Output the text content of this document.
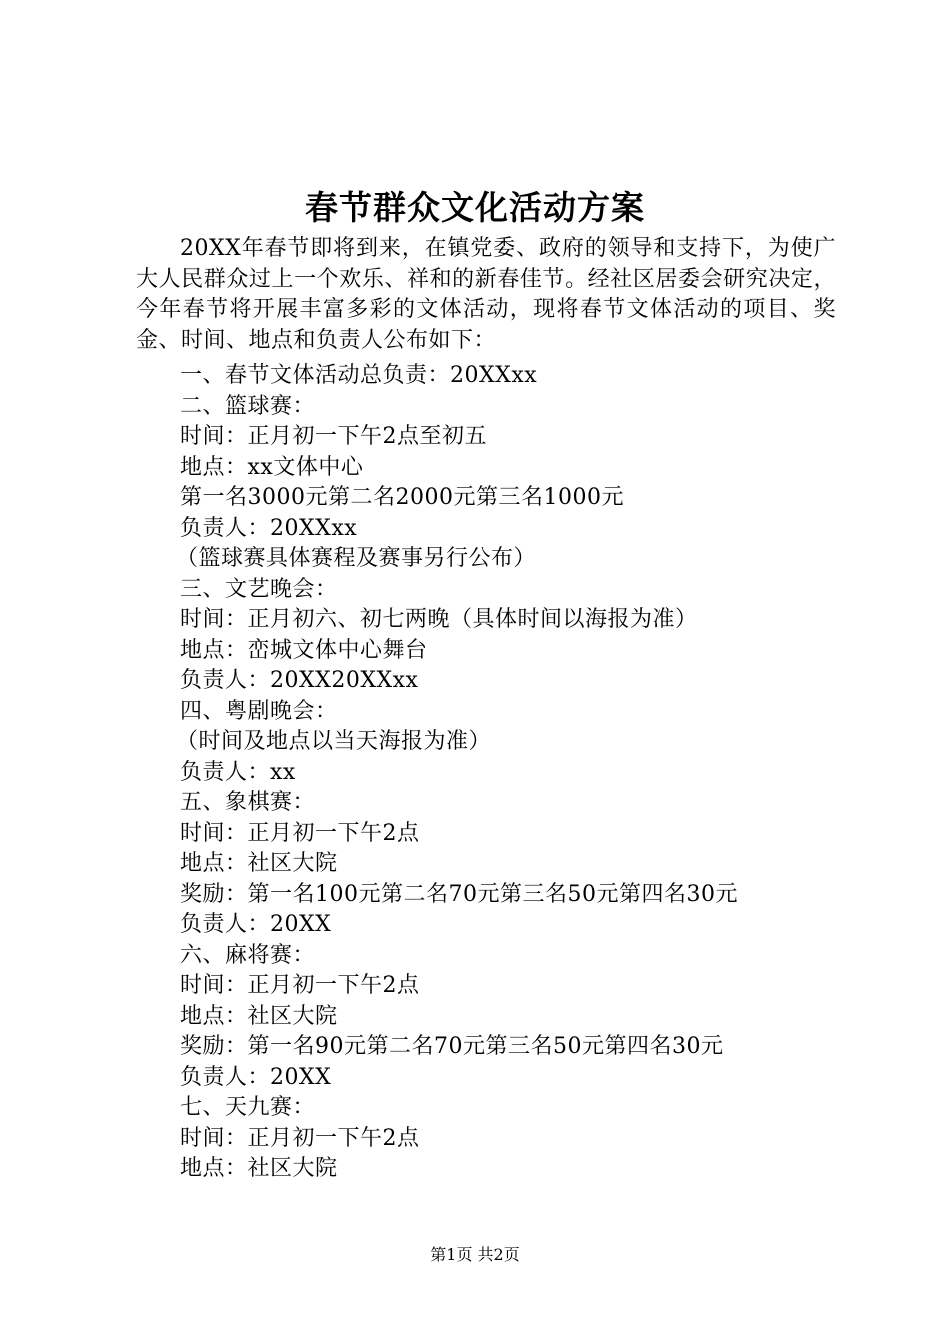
春节群众文化活动方案
20XX年春节即将到来，在镇党委、政府的领导和支持下，为使广大人民群众过上一个欢乐、祥和的新春佳节。经社区居委会研究决定，今年春节将开展丰富多彩的文体活动，现将春节文体活动的项目、奖金、时间、地点和负责人公布如下：
一、春节文体活动总负责：20XXxx
二、篮球赛：
时间：正月初一下午2点至初五
地点：xx文体中心
第一名3000元第二名2000元第三名1000元
负责人：20XXxx
（篮球赛具体赛程及赛事另行公布）
三、文艺晚会：
时间：正月初六、初七两晚（具体时间以海报为准）
地点：峦城文体中心舞台
负责人：20XX20XXxx
四、粤剧晚会：
（时间及地点以当天海报为准）
负责人：xx
五、象棋赛：
时间：正月初一下午2点
地点：社区大院
奖励：第一名100元第二名70元第三名50元第四名30元
负责人：20XX
六、麻将赛：
时间：正月初一下午2点
地点：社区大院
奖励：第一名90元第二名70元第三名50元第四名30元
负责人：20XX
七、天九赛：
时间：正月初一下午2点
地点：社区大院
第1页 共2页
